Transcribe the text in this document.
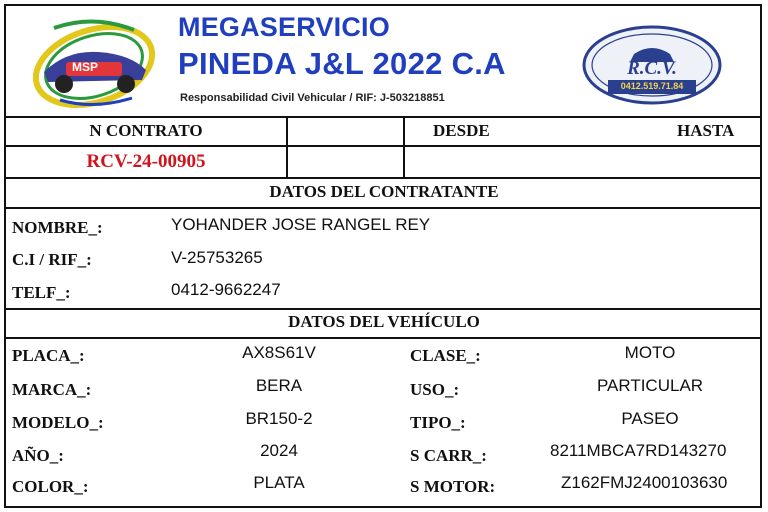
MSP
MEGASERVICIO
PINEDA J&L 2022 C.A
Responsabilidad Civil Vehicular / RIF: J-503218851
R.C.V.
0412.519.71.84
N CONTRATO	DESDE	HASTA
RCV-24-00905
DATOS DEL CONTRATANTE
NOMBRE_:	YOHANDER JOSE RANGEL REY
C.I / RIF_:	V-25753265
TELF_:	0412-9662247
DATOS DEL VEHÍCULO
PLACA_:	AX8S61V
MARCA_:	BERA
MODELO_:	BR150-2
AÑO_:	2024
COLOR_:	PLATA
CLASE_:	MOTO
USO_:	PARTICULAR
TIPO_:	PASEO
S CARR_:	8211MBCA7RD143270
S MOTOR:	Z162FMJ2400103630
